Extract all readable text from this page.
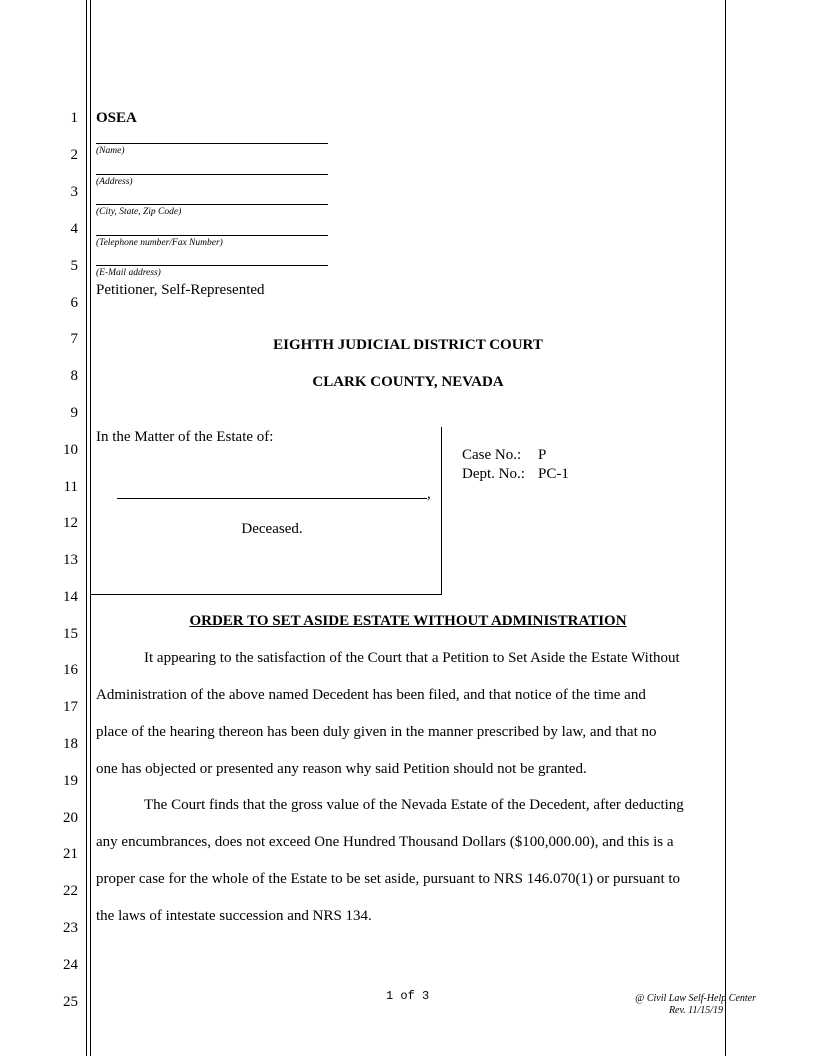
1
2
3
4
5
6
7
8
9
10
11
12
13
14
15
16
17
18
19
20
21
22
23
24
25
OSEA
(Name)
(Address)
(City, State, Zip Code)
(Telephone number/Fax Number)
(E-Mail address)
Petitioner, Self-Represented
EIGHTH JUDICIAL DISTRICT COURT
CLARK COUNTY, NEVADA
In the Matter of the Estate of:
,
Deceased.
Case No.: P
Dept. No.: PC-1
ORDER TO SET ASIDE ESTATE WITHOUT ADMINISTRATION
It appearing to the satisfaction of the Court that a Petition to Set Aside the Estate Without
Administration of the above named Decedent has been filed, and that notice of the time and
place of the hearing thereon has been duly given in the manner prescribed by law, and that no
one has objected or presented any reason why said Petition should not be granted.
The Court finds that the gross value of the Nevada Estate of the Decedent, after deducting
any encumbrances, does not exceed One Hundred Thousand Dollars ($100,000.00), and this is a
proper case for the whole of the Estate to be set aside, pursuant to NRS 146.070(1) or pursuant to
the laws of intestate succession and NRS 134.
1 of 3	@ Civil Law Self-Help Center
Rev. 11/15/19
